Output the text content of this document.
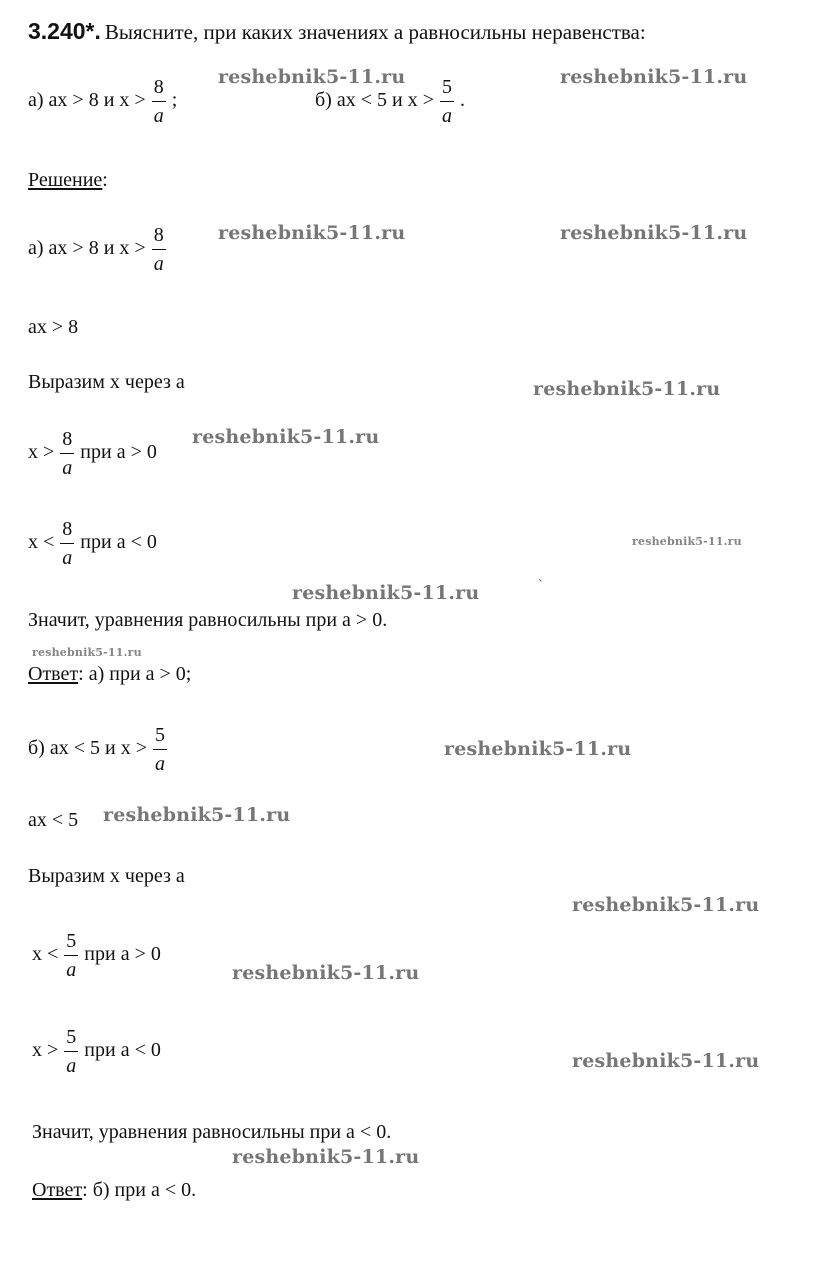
3.240*. Выясните, при каких значениях а равносильны неравенства:
а) ax > 8 и $x > \frac{8}{a}$ ;	б) ax < 5 и $x > \frac{5}{a}$ .
Решение:
а) ax > 8 и $x > \frac{8}{a}$
ax > 8
Выразим x через а
$x > \frac{8}{a}$ при a > 0
$x < \frac{8}{a}$ при a < 0
Значит, уравнения равносильны при a > 0.
Ответ: а) при a > 0;
б) ax < 5 и $x > \frac{5}{a}$
ax < 5
Выразим x через а
$x < \frac{5}{a}$ при a > 0
$x > \frac{5}{a}$ при a < 0
Значит, уравнения равносильны при a < 0.
Ответ: б) при a < 0.
reshebnik5-11.ru	reshebnik5-11.ru
reshebnik5-11.ru	reshebnik5-11.ru
reshebnik5-11.ru
reshebnik5-11.ru
reshebnik5-11.ru
reshebnik5-11.ru
reshebnik5-11.ru
reshebnik5-11.ru
reshebnik5-11.ru
reshebnik5-11.ru
reshebnik5-11.ru
reshebnik5-11.ru
reshebnik5-11.ru
`
